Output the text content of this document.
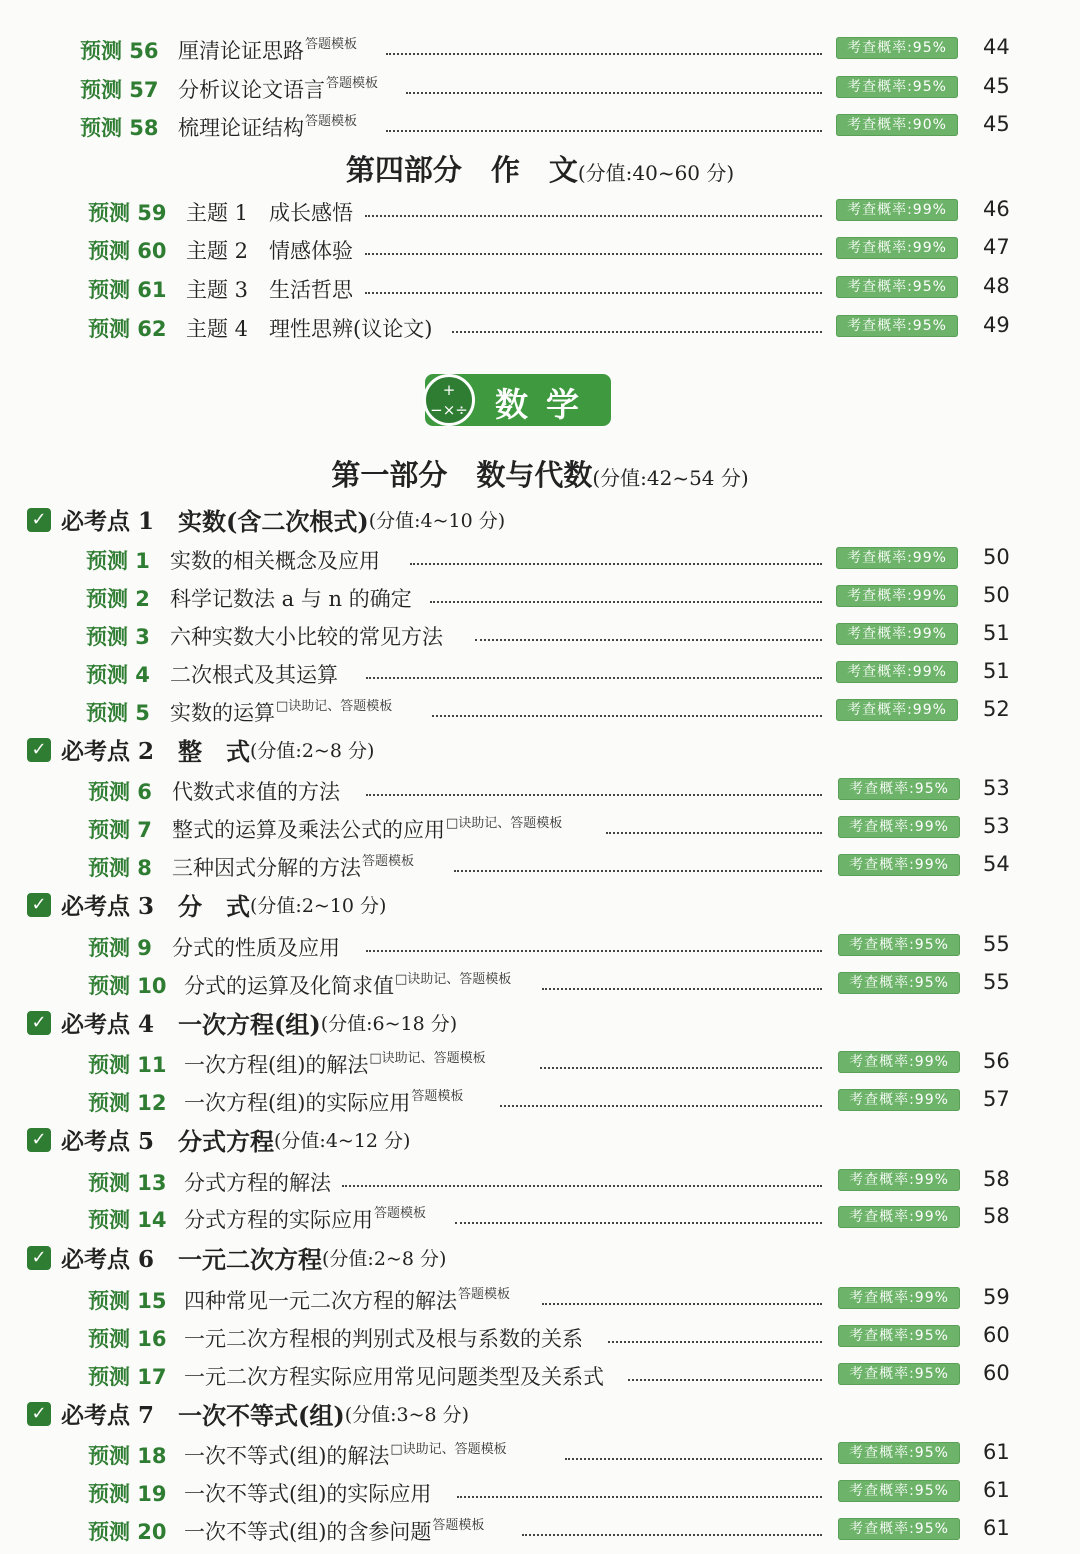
预测 56 厘清论证思路$^{答题模板}$	考查概率:95%	44
预测 57 分析议论文语言$^{答题模板}$	考查概率:95%	45
预测 58 梳理论证结构$^{答题模板}$	考查概率:90%	45
第四部分　作　文(分值:40~60 分)
预测 59 主题 1　成长感悟	考查概率:99%	46
预测 60 主题 2　情感体验	考查概率:99%	47
预测 61 主题 3　生活哲思	考查概率:95%	48
预测 62 主题 4　理性思辨(议论文)	考查概率:95%	49
+−×÷ 数学
第一部分　数与代数(分值:42~54 分)
✓ 必考点 1 实数(含二次根式)(分值:4~10 分)
预测 1 实数的相关概念及应用	考查概率:99%	50
预测 2 科学记数法 a 与 n 的确定	考查概率:99%	50
预测 3 六种实数大小比较的常见方法	考查概率:99%	51
预测 4 二次根式及其运算	考查概率:99%	51
预测 5 实数的运算$^{□诀助记、答题模板}$	考查概率:99%	52
✓ 必考点 2 整　式(分值:2~8 分)
预测 6 代数式求值的方法	考查概率:95%	53
预测 7 整式的运算及乘法公式的应用$^{□诀助记、答题模板}$	考查概率:99%	53
预测 8 三种因式分解的方法$^{答题模板}$	考查概率:99%	54
✓ 必考点 3 分　式(分值:2~10 分)
预测 9 分式的性质及应用	考查概率:95%	55
预测 10 分式的运算及化简求值$^{□诀助记、答题模板}$	考查概率:95%	55
✓ 必考点 4 一次方程(组)(分值:6~18 分)
预测 11 一次方程(组)的解法$^{□诀助记、答题模板}$	考查概率:99%	56
预测 12 一次方程(组)的实际应用$^{答题模板}$	考查概率:99%	57
✓ 必考点 5 分式方程(分值:4~12 分)
预测 13 分式方程的解法	考查概率:99%	58
预测 14 分式方程的实际应用$^{答题模板}$	考查概率:99%	58
✓ 必考点 6 一元二次方程(分值:2~8 分)
预测 15 四种常见一元二次方程的解法$^{答题模板}$	考查概率:99%	59
预测 16 一元二次方程根的判别式及根与系数的关系	考查概率:95%	60
预测 17 一元二次方程实际应用常见问题类型及关系式	考查概率:95%	60
✓ 必考点 7 一次不等式(组)(分值:3~8 分)
预测 18 一次不等式(组)的解法$^{□诀助记、答题模板}$	考查概率:95%	61
预测 19 一次不等式(组)的实际应用	考查概率:95%	61
预测 20 一次不等式(组)的含参问题$^{答题模板}$	考查概率:95%	61
